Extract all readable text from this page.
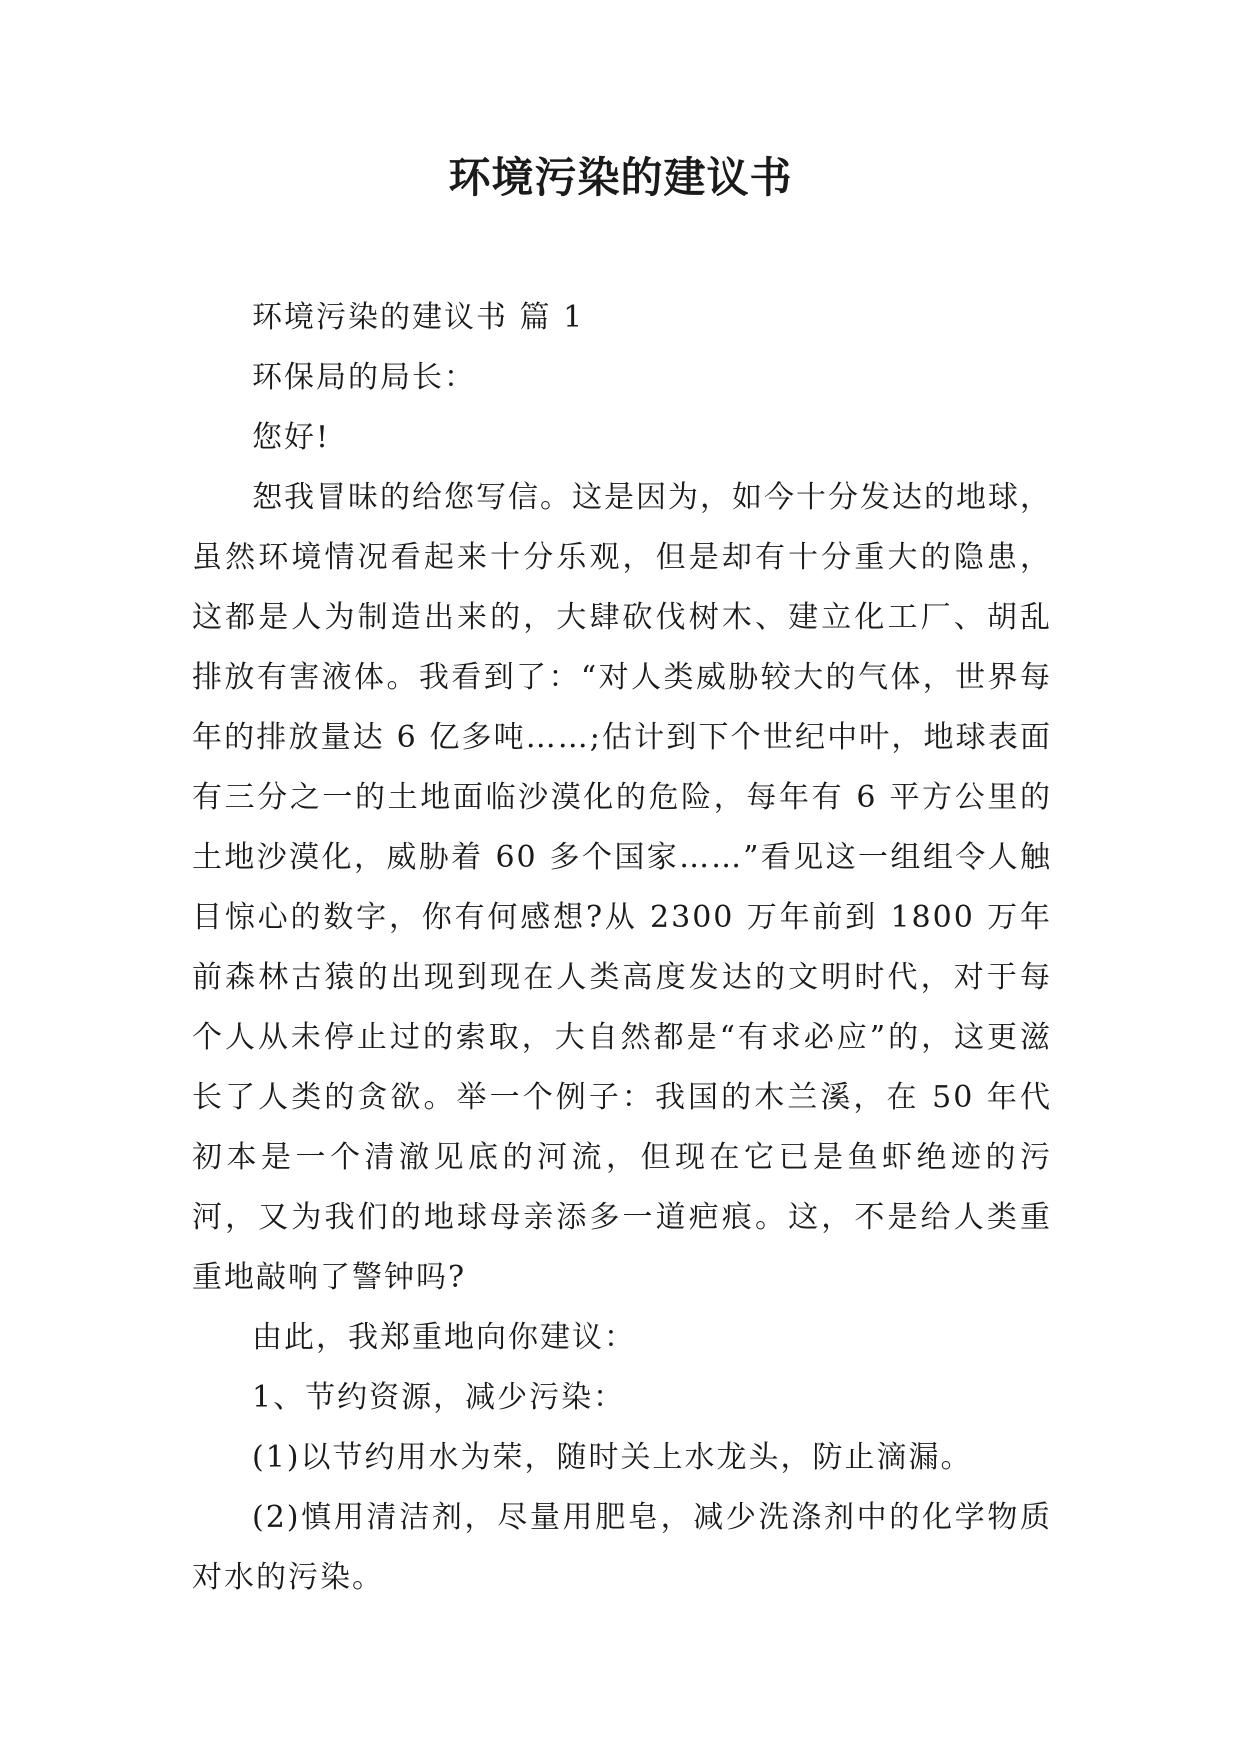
环境污染的建议书

环境污染的建议书 篇 1

环保局的局长：

您好!

恕我冒昧的给您写信。这是因为，如今十分发达的地球，虽然环境情况看起来十分乐观，但是却有十分重大的隐患，这都是人为制造出来的，大肆砍伐树木、建立化工厂、胡乱排放有害液体。我看到了：“对人类威胁较大的气体，世界每年的排放量达 6 亿多吨……;估计到下个世纪中叶，地球表面有三分之一的土地面临沙漠化的危险，每年有 6 平方公里的土地沙漠化，威胁着 60 多个国家……”看见这一组组令人触目惊心的数字，你有何感想?从 2300 万年前到 1800 万年前森林古猿的出现到现在人类高度发达的文明时代，对于每个人从未停止过的索取，大自然都是“有求必应”的，这更滋长了人类的贪欲。举一个例子：我国的木兰溪，在 50 年代初本是一个清澈见底的河流，但现在它已是鱼虾绝迹的污河，又为我们的地球母亲添多一道疤痕。这，不是给人类重重地敲响了警钟吗?

由此，我郑重地向你建议：

1、节约资源，减少污染：

(1)以节约用水为荣，随时关上水龙头，防止滴漏。

(2)慎用清洁剂，尽量用肥皂，减少洗涤剂中的化学物质对水的污染。
